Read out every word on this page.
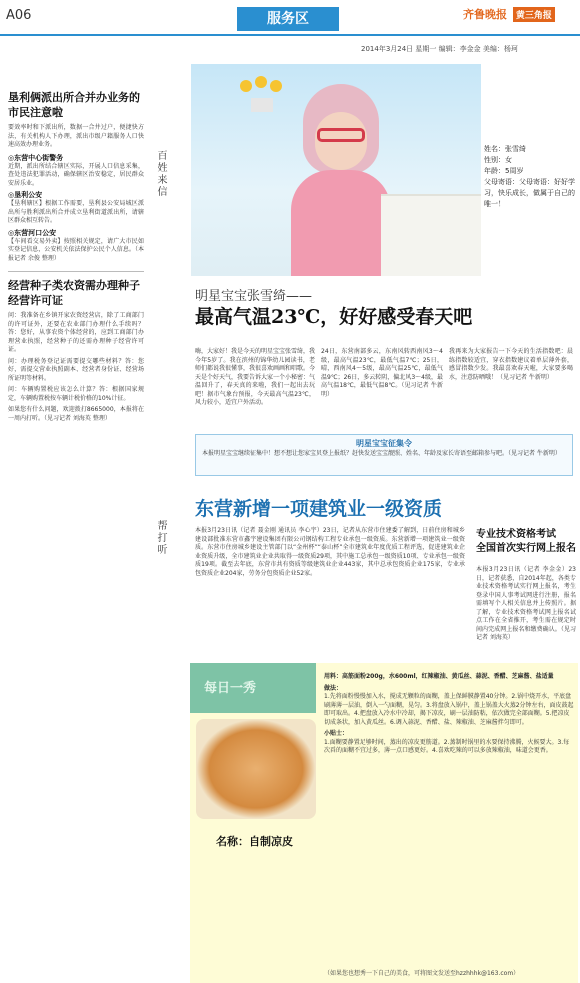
A06	服务区	齐鲁晚报 黄三角报
2014年3月24日 星期一 编辑：李金金 美编：杨珂
垦利俩派出所合并办业务的市民注意啦
要效率时和下派出所，数据一合井过户，便捷快方法，有关机构人下办理，派出市级户籍服务人口快速高效办理业务。
◎东营中心街警务
近期，派出所结合辖区实际，开展人口信息采集，查处违法犯罪活动，确保辖区治安稳定，居民群众安居乐业。
◎垦利公安
【垦利辖区】根据工作需要，垦利县公安局城区派出所与胜利派出所合并成立垦利街道派出所，请辖区群众相互转告。
◎东营河口公安
【车间看交易外卖】按照相关规定，请广大市民如实登记信息，公安机关依法保护公民个人信息。（本报记者 余俊 整理）
经营种子类农资需办理种子经营许可证
问：我准备在乡镇开家农资经营店，除了工商部门的许可证外，还要在农业部门办理什么手续吗？答：您好，从事农资个体经营的，应到工商部门办理营业执照，经营种子的还需办理种子经营许可证。
问：办理税务登记证需要提交哪些材料？答：您好，需提交营业执照副本、经营者身份证、经营场所证明等材料。
问：车辆购置税应该怎么计算？答：根据国家规定，车辆购置税按车辆计税价格的10%计征。
如果您有什么问题，欢迎拨打8665000，本报将在一周内打听。（见习记者 刘海英 整理）
百姓来信
帮打听
姓名：张雪绮
性别：女
年龄：5周岁
父母寄语：父母寄语：好好学习，快乐成长，做属于自己的唯一！
明星宝宝张雪绮——
最高气温23℃，好好感受春天吧
嗨，大家好！我是今天的明星宝宝张雪绮，我今年5岁了。我在滨州的锦华幼儿园读书，老师们都说我很懂事，我很喜欢画画和唱歌。今天是个好天气，我要告诉大家一个小秘密：气温回升了，春天真的来啦，我们一起出去玩吧！据市气象台预报，今天最高气温23℃，风力较小，适宜户外活动。
24日，东营南部多云，东南风转西南风3～4级，最高气温23℃，最低气温7℃；25日，晴，西南风4～5级，最高气温25℃，最低气温9℃；26日，多云转阴，偏北风3～4级，最高气温18℃，最低气温8℃。（见习记者 牛新明）
我再来为大家报告一下今天的生活指数吧：晨练指数较适宜，穿衣指数建议着单层薄外套，感冒指数少发。我最喜欢春天啦，大家要多喝水，注意防晒哦！（见习记者 牛新明）
明星宝宝征集令
本报明星宝宝继续征集中！想不想让您家宝贝登上报纸？赶快发送宝宝靓照、姓名、年龄及家长寄语至邮箱参与吧。（见习记者 牛新明）
东营新增一项建筑业一级资质
本报3月23日讯（记者 聂金刚 通讯员 李心宇）23日，记者从东营市住建委了解到，日前住房和城乡建设部批准东营市鑫宇建设集团有限公司钢结构工程专业承包一级资质。东营新增一项建筑业一级资质。东营市住房城乡建设主管部门以“金州杯”“泰山杯”全市建筑业年度优质工程评选，促进建筑业企业资质升级，全市建筑业企业共取得一级资质29项，其中施工总承包一级资质10项、专业承包一级资质19项。截至去年底，东营市共有资质等级建筑业企业443家，其中总承包资质企业175家，专业承包资质企业204家，劳务分包资质企业52家。
专业技术资格考试
全国首次实行网上报名
本报3月23日讯（记者 李金金）23日，记者获悉，自2014年起，各类专业技术资格考试实行网上报名，考生登录中国人事考试网进行注册，报名需填写个人相关信息并上传照片。据了解，专业技术资格考试网上报名试点工作在全省推开，考生需在规定时间内完成网上报名和缴费确认。（见习记者 刘海英）
每日一秀
名称：自制凉皮
用料：高筋面粉200g，水600ml，红辣椒油、黄瓜丝、蒜泥、香醋、芝麻酱、盐适量
做法：
1.先将面粉慢慢加入水，搅成无颗粒的面糊，盖上保鲜膜静置40分钟。2.锅中烧开水，平底盘刷薄薄一层油，倒入一勺面糊，晃匀。3.将盘放入锅中，盖上锅盖大火蒸2分钟左右，面皮鼓起即可取出。4.把盘放入冷水中冷却，揭下凉皮，刷一层油防粘，依次做完全部面糊。5.把凉皮切成条状，加入黄瓜丝。6.调入蒜泥、香醋、盐、辣椒油、芝麻酱拌匀即可。
小贴士：
1.面糊要静置足够时间，蒸出的凉皮更筋道。2.蒸制时锅里的水要保持沸腾，火候要大。3.每次舀的面糊不宜过多，薄一点口感更好。4.喜欢吃辣的可以多放辣椒油，味道会更香。
（如果您也想秀一下自己的美食，可将图文发送至hzzhhhk@163.com）
